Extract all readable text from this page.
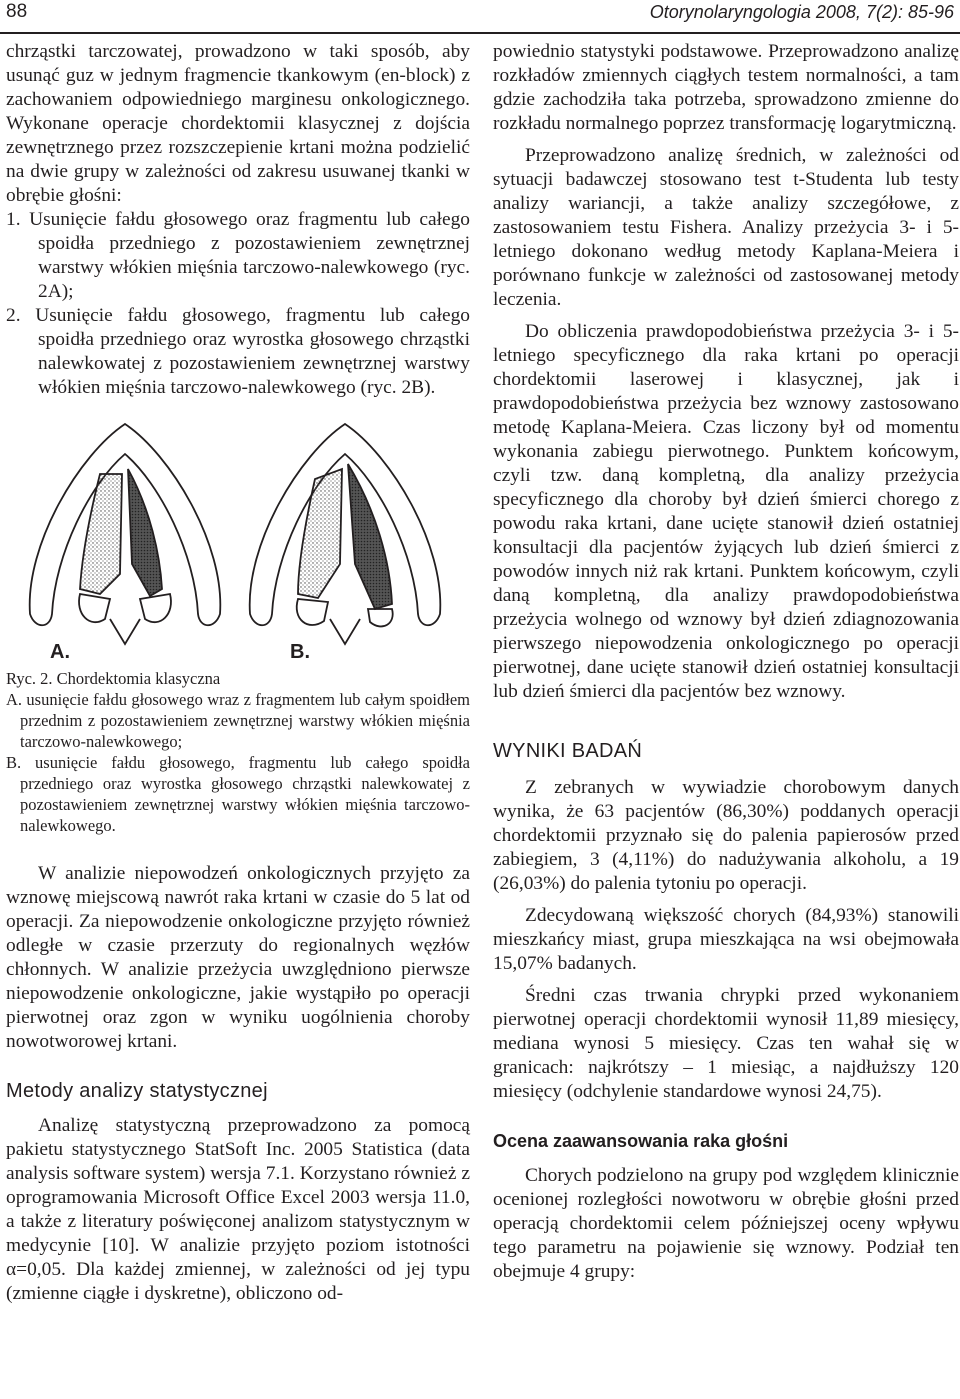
88	Otorynolaryngologia 2008, 7(2): 85-96

chrząstki tarczowatej, prowadzono w taki sposób, aby usunąć guz w jednym fragmencie tkankowym (en-block) z zachowaniem odpowiedniego marginesu onkologicznego. Wykonane operacje chordektomii klasycznej z dojścia zewnętrznego przez rozszczepienie krtani można podzielić na dwie grupy w zależności od zakresu usuwanej tkanki w obrębie głośni:

1. Usunięcie fałdu głosowego oraz fragmentu lub całego spoidła przedniego z pozostawieniem zewnętrznej warstwy włókien mięśnia tarczowo-nalewkowego (ryc. 2A);

2. Usunięcie fałdu głosowego, fragmentu lub całego spoidła przedniego oraz wyrostka głosowego chrząstki nalewkowatej z pozostawieniem zewnętrznej warstwy włókien mięśnia tarczowo-nalewkowego (ryc. 2B).

A.	B.

Ryc. 2. Chordektomia klasyczna

A. usunięcie fałdu głosowego wraz z fragmentem lub całym spoidłem przednim z pozostawieniem zewnętrznej warstwy włókien mięśnia tarczowo-nalewkowego;

B. usunięcie fałdu głosowego, fragmentu lub całego spoidła przedniego oraz wyrostka głosowego chrząstki nalewkowatej z pozostawieniem zewnętrznej warstwy włókien mięśnia tarczowo-nalewkowego.

W analizie niepowodzeń onkologicznych przyjęto za wznowę miejscową nawrót raka krtani w czasie do 5 lat od operacji. Za niepowodzenie onkologiczne przyjęto również odległe w czasie przerzuty do regionalnych węzłów chłonnych. W analizie przeżycia uwzględniono pierwsze niepowodzenie onkologiczne, jakie wystąpiło po operacji pierwotnej oraz zgon w wyniku uogólnienia choroby nowotworowej krtani.

Metody analizy statystycznej

Analizę statystyczną przeprowadzono za pomocą pakietu statystycznego StatSoft Inc. 2005 Statistica (data analysis software system) wersja 7.1. Korzystano również z oprogramowania Microsoft Office Excel 2003 wersja 11.0, a także z literatury poświęconej analizom statystycznym w medycynie [10]. W analizie przyjęto poziom istotności α=0,05. Dla każdej zmiennej, w zależności od jej typu (zmienne ciągłe i dyskretne), obliczono od-

powiednio statystyki podstawowe. Przeprowadzono analizę rozkładów zmiennych ciągłych testem normalności, a tam gdzie zachodziła taka potrzeba, sprowadzono zmienne do rozkładu normalnego poprzez transformację logarytmiczną.

Przeprowadzono analizę średnich, w zależności od sytuacji badawczej stosowano test t-Studenta lub testy analizy wariancji, a także analizy szczegółowe, z zastosowaniem testu Fishera. Analizy przeżycia 3- i 5-letniego dokonano według metody Kaplana-Meiera i porównano funkcje w zależności od zastosowanej metody leczenia.

Do obliczenia prawdopodobieństwa przeżycia 3- i 5-letniego specyficznego dla raka krtani po operacji chordektomii laserowej i klasycznej, jak i prawdopodobieństwa przeżycia bez wznowy zastosowano metodę Kaplana-Meiera. Czas liczony był od momentu wykonania zabiegu pierwotnego. Punktem końcowym, czyli tzw. daną kompletną, dla analizy przeżycia specyficznego dla choroby był dzień śmierci chorego z powodu raka krtani, dane ucięte stanowił dzień ostatniej konsultacji dla pacjentów żyjących lub dzień śmierci z powodów innych niż rak krtani. Punktem końcowym, czyli daną kompletną, dla analizy prawdopodobieństwa przeżycia wolnego od wznowy był dzień zdiagnozowania pierwszego niepowodzenia onkologicznego po operacji pierwotnej, dane ucięte stanowił dzień ostatniej konsultacji lub dzień śmierci dla pacjentów bez wznowy.

WYNIKI BADAŃ

Z zebranych w wywiadzie chorobowym danych wynika, że 63 pacjentów (86,30%) poddanych operacji chordektomii przyznało się do palenia papierosów przed zabiegiem, 3 (4,11%) do nadużywania alkoholu, a 19 (26,03%) do palenia tytoniu po operacji.

Zdecydowaną większość chorych (84,93%) stanowili mieszkańcy miast, grupa mieszkająca na wsi obejmowała 15,07% badanych.

Średni czas trwania chrypki przed wykonaniem pierwotnej operacji chordektomii wynosił 11,89 miesięcy, mediana wynosi 5 miesięcy. Czas ten wahał się w granicach: najkrótszy – 1 miesiąc, a najdłuższy 120 miesięcy (odchylenie standardowe wynosi 24,75).

Ocena zaawansowania raka głośni

Chorych podzielono na grupy pod względem klinicznie ocenionej rozległości nowotworu w obrębie głośni przed operacją chordektomii celem późniejszej oceny wpływu tego parametru na pojawienie się wznowy. Podział ten obejmuje 4 grupy:
